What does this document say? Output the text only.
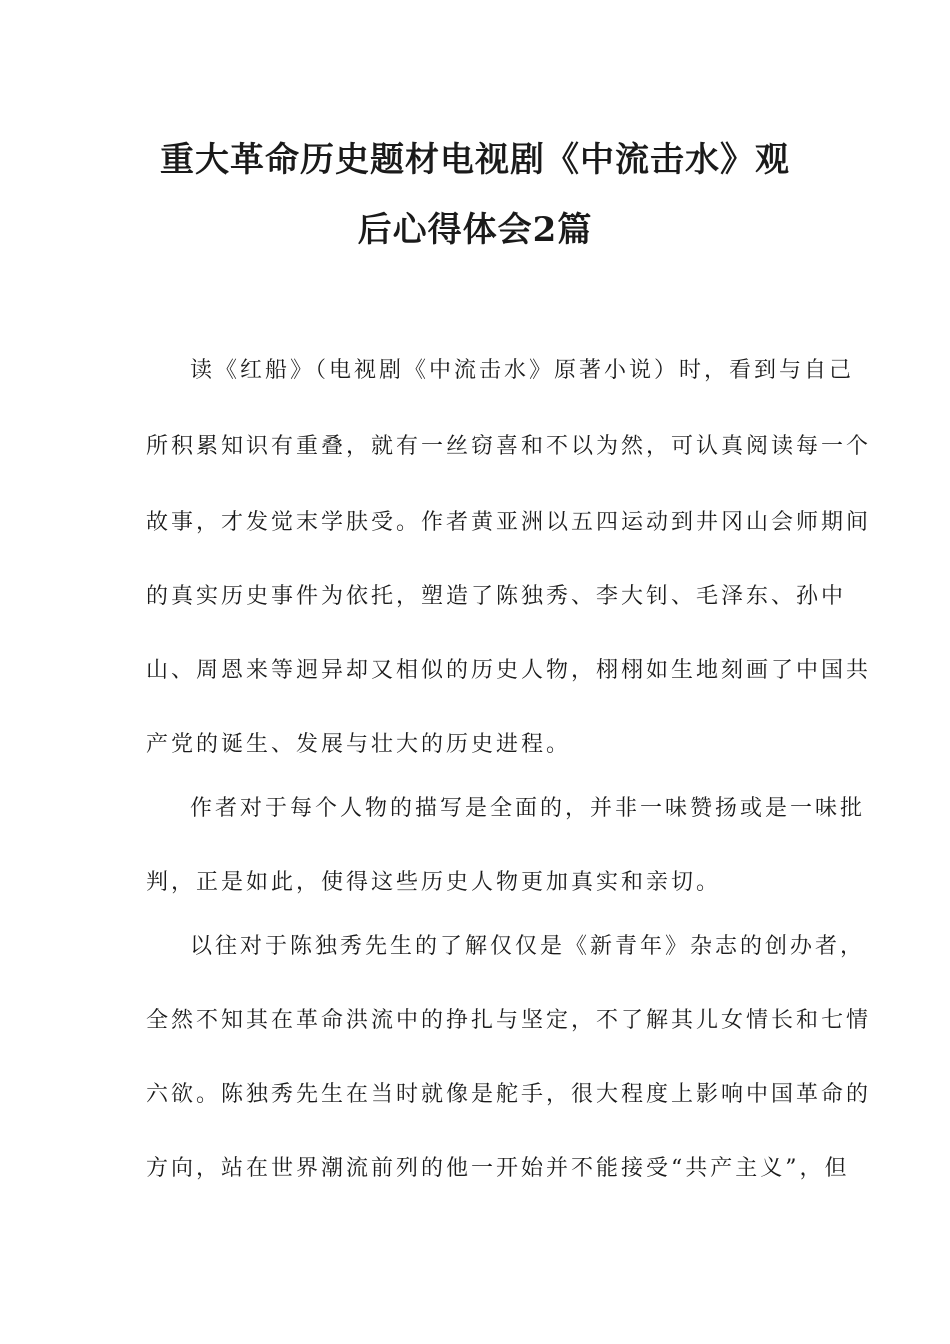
重大革命历史题材电视剧《中流击水》观
后心得体会2篇

读《红船》（电视剧《中流击水》原著小说）时，看到与自己

所积累知识有重叠，就有一丝窃喜和不以为然，可认真阅读每一个

故事，才发觉末学肤受。作者黄亚洲以五四运动到井冈山会师期间

的真实历史事件为依托，塑造了陈独秀、李大钊、毛泽东、孙中

山、周恩来等迥异却又相似的历史人物，栩栩如生地刻画了中国共

产党的诞生、发展与壮大的历史进程。

作者对于每个人物的描写是全面的，并非一味赞扬或是一味批

判，正是如此，使得这些历史人物更加真实和亲切。

以往对于陈独秀先生的了解仅仅是《新青年》杂志的创办者，

全然不知其在革命洪流中的挣扎与坚定，不了解其儿女情长和七情

六欲。陈独秀先生在当时就像是舵手，很大程度上影响中国革命的

方向，站在世界潮流前列的他一开始并不能接受“共产主义”，但
